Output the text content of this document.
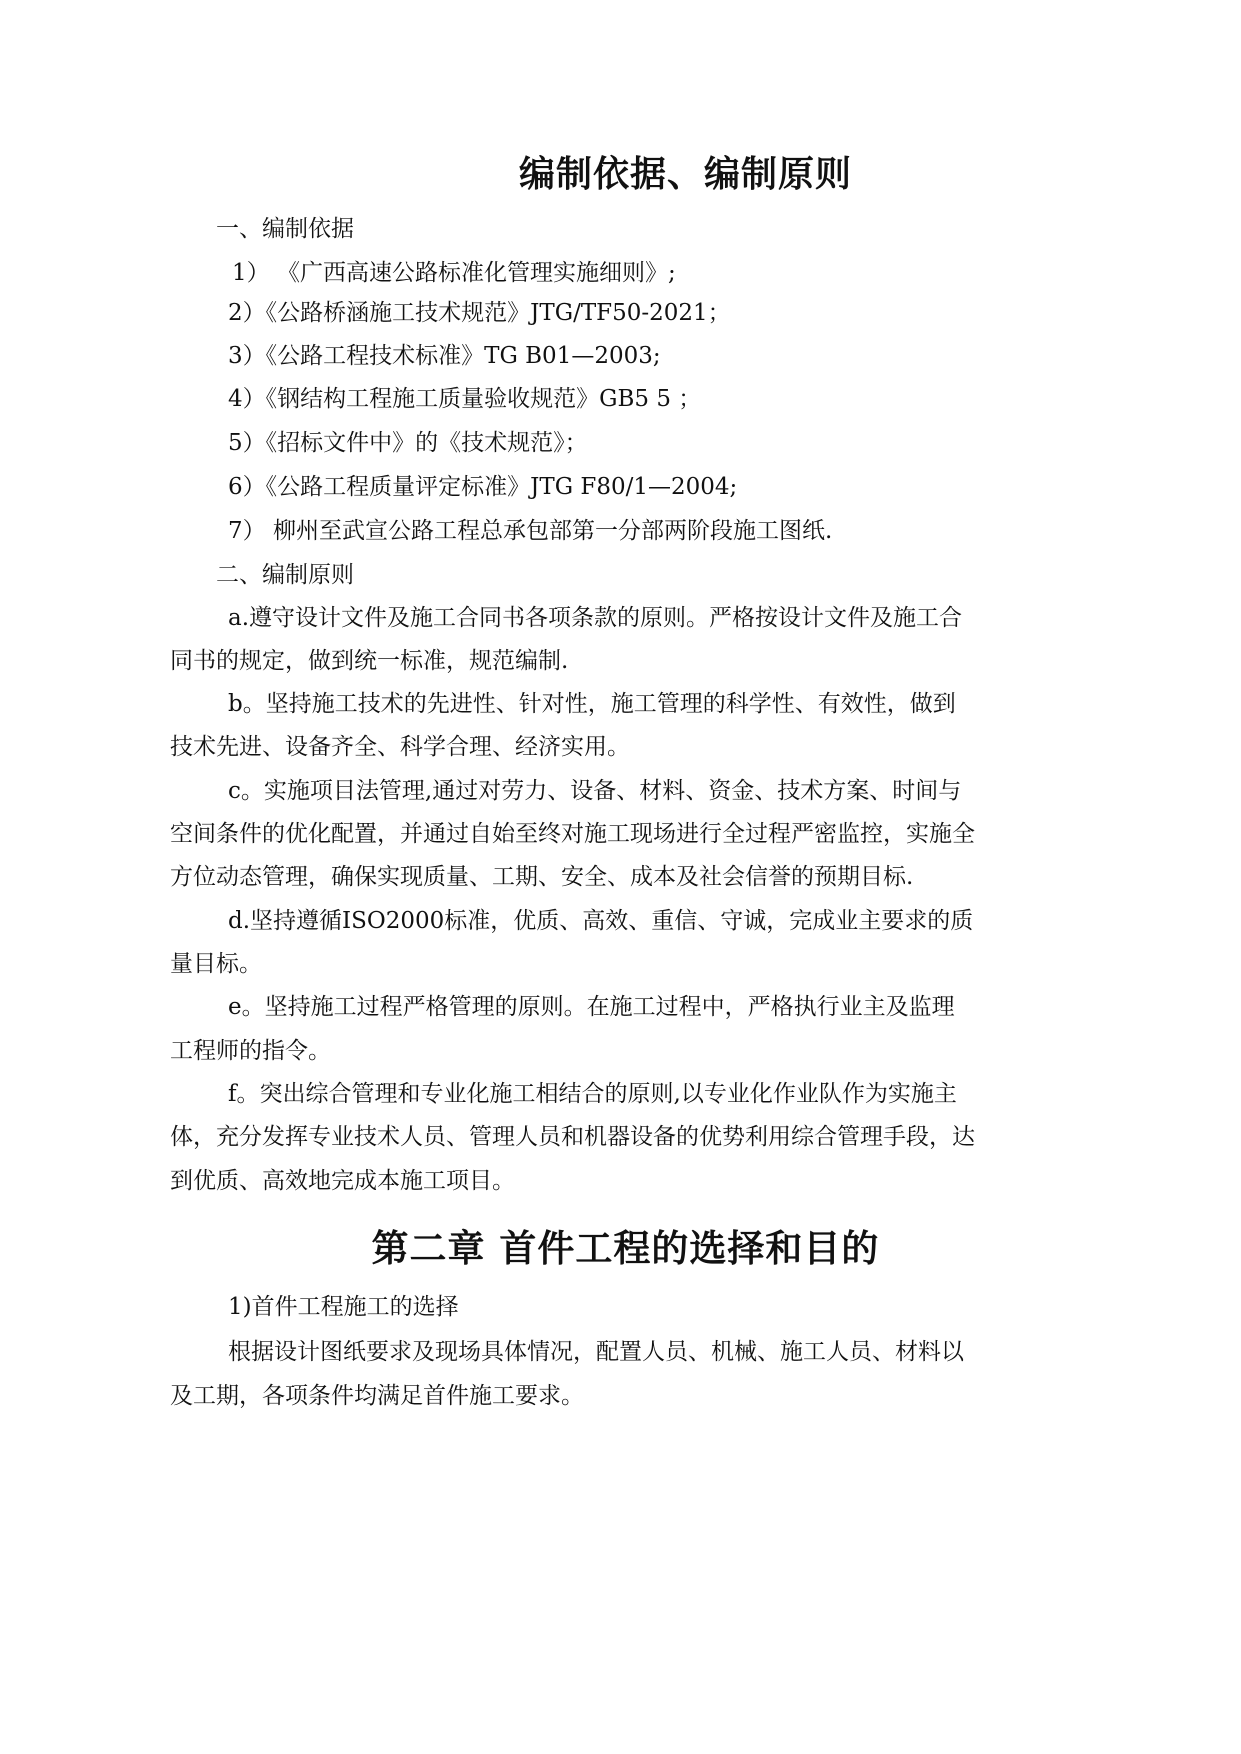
编制依据、编制原则
一、编制依据
1） 《广西高速公路标准化管理实施细则》;
2）《公路桥涵施工技术规范》JTG/TF50-2021；
3）《公路工程技术标准》TG B01—2003;
4）《钢结构工程施工质量验收规范》GB5 5 ；
5）《招标文件中》的《技术规范》；
6）《公路工程质量评定标准》JTG F80/1—2004;
7） 柳州至武宣公路工程总承包部第一分部两阶段施工图纸.
二、编制原则
a.遵守设计文件及施工合同书各项条款的原则。严格按设计文件及施工合
同书的规定，做到统一标准，规范编制.
b。坚持施工技术的先进性、针对性，施工管理的科学性、有效性，做到
技术先进、设备齐全、科学合理、经济实用。
c。实施项目法管理,通过对劳力、设备、材料、资金、技术方案、时间与
空间条件的优化配置，并通过自始至终对施工现场进行全过程严密监控，实施全
方位动态管理，确保实现质量、工期、安全、成本及社会信誉的预期目标.
d.坚持遵循ISO2000标准，优质、高效、重信、守诚，完成业主要求的质
量目标。
e。坚持施工过程严格管理的原则。在施工过程中，严格执行业主及监理
工程师的指令。
f。突出综合管理和专业化施工相结合的原则,以专业化作业队作为实施主
体，充分发挥专业技术人员、管理人员和机器设备的优势利用综合管理手段，达
到优质、高效地完成本施工项目。
第二章 首件工程的选择和目的
1)首件工程施工的选择
根据设计图纸要求及现场具体情况，配置人员、机械、施工人员、材料以
及工期，各项条件均满足首件施工要求。
